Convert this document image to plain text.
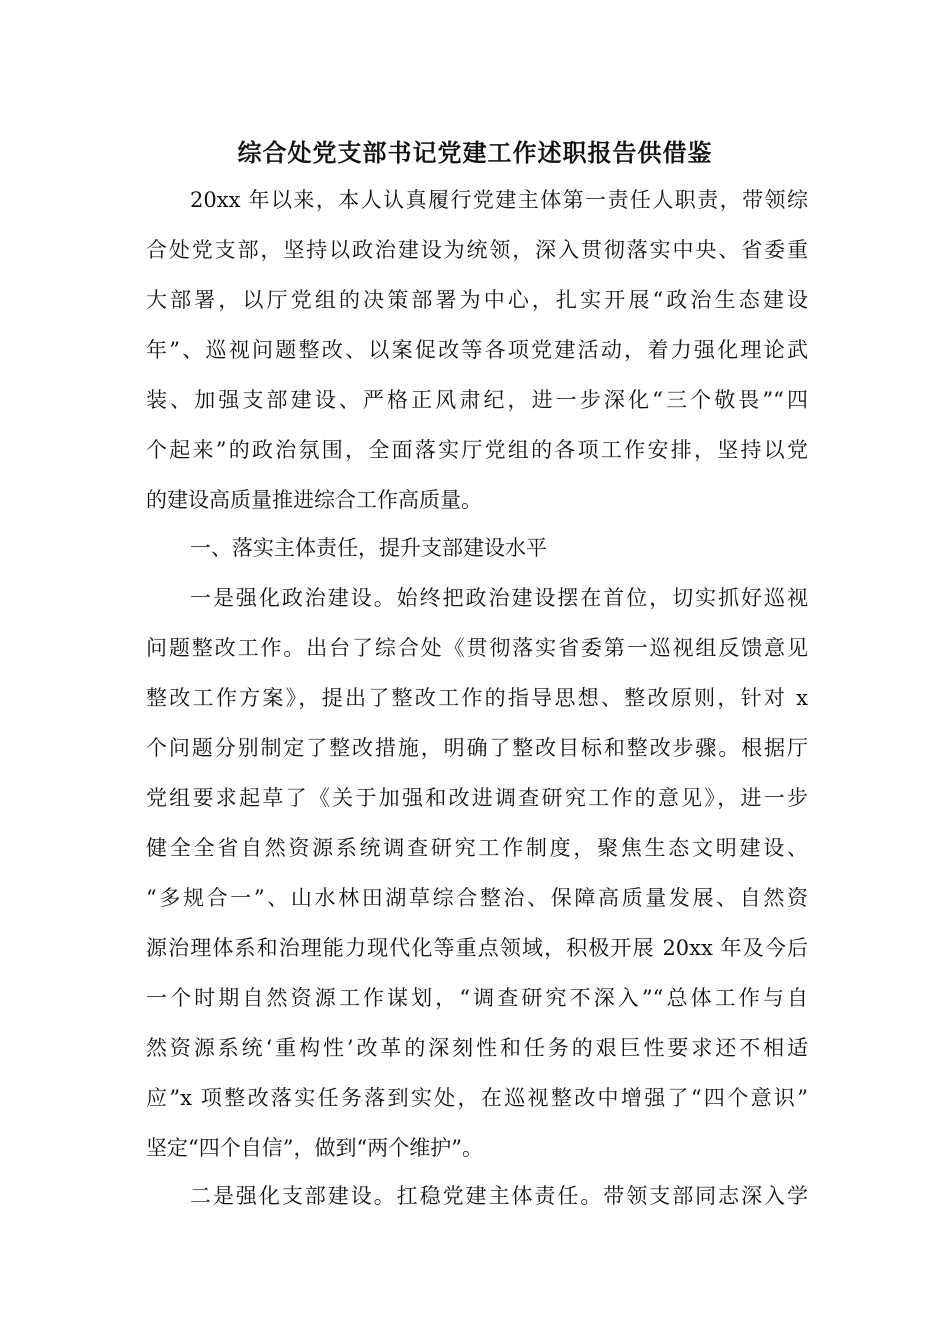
综合处党支部书记党建工作述职报告供借鉴
20xx 年以来，本人认真履行党建主体第一责任人职责，带领综
合处党支部，坚持以政治建设为统领，深入贯彻落实中央、省委重
大部署，以厅党组的决策部署为中心，扎实开展“政治生态建设
年”、巡视问题整改、以案促改等各项党建活动，着力强化理论武
装、加强支部建设、严格正风肃纪，进一步深化“三个敬畏”“四
个起来”的政治氛围，全面落实厅党组的各项工作安排，坚持以党
的建设高质量推进综合工作高质量。
一、落实主体责任，提升支部建设水平
一是强化政治建设。始终把政治建设摆在首位，切实抓好巡视
问题整改工作。出台了综合处《贯彻落实省委第一巡视组反馈意见
整改工作方案》，提出了整改工作的指导思想、整改原则，针对 x
个问题分别制定了整改措施，明确了整改目标和整改步骤。根据厅
党组要求起草了《关于加强和改进调查研究工作的意见》，进一步
健全全省自然资源系统调查研究工作制度，聚焦生态文明建设、
“多规合一”、山水林田湖草综合整治、保障高质量发展、自然资
源治理体系和治理能力现代化等重点领域，积极开展 20xx 年及今后
一个时期自然资源工作谋划，“调查研究不深入”“总体工作与自
然资源系统‘重构性’改革的深刻性和任务的艰巨性要求还不相适
应”x 项整改落实任务落到实处，在巡视整改中增强了“四个意识”
坚定“四个自信”，做到“两个维护”。
二是强化支部建设。扛稳党建主体责任。带领支部同志深入学
